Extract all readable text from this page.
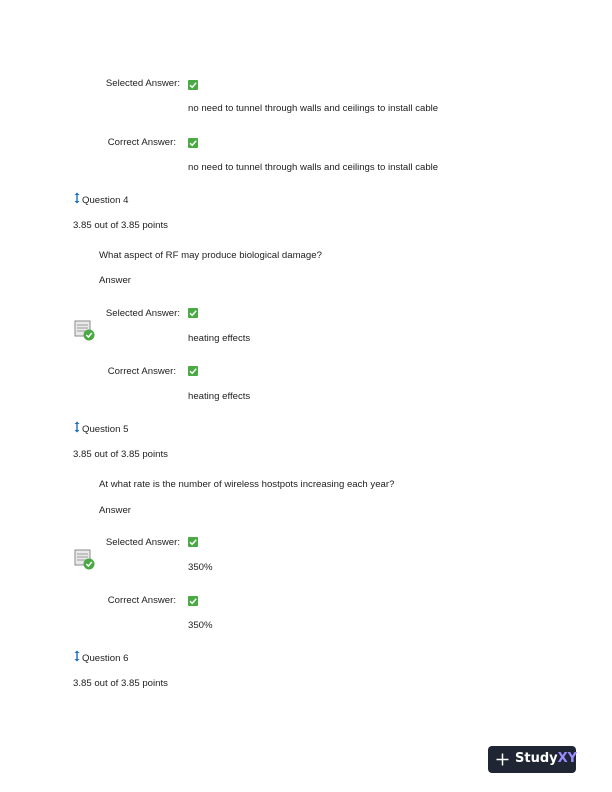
Selected Answer:
no need to tunnel through walls and ceilings to install cable
Correct Answer:
no need to tunnel through walls and ceilings to install cable
Question 4
3.85 out of 3.85 points
What aspect of RF may produce biological damage?
Answer
Selected Answer:
heating effects
Correct Answer:
heating effects
Question 5
3.85 out of 3.85 points
At what rate is the number of wireless hostpots increasing each year?
Answer
Selected Answer:
350%
Correct Answer:
350%
Question 6
3.85 out of 3.85 points
StudyXY
